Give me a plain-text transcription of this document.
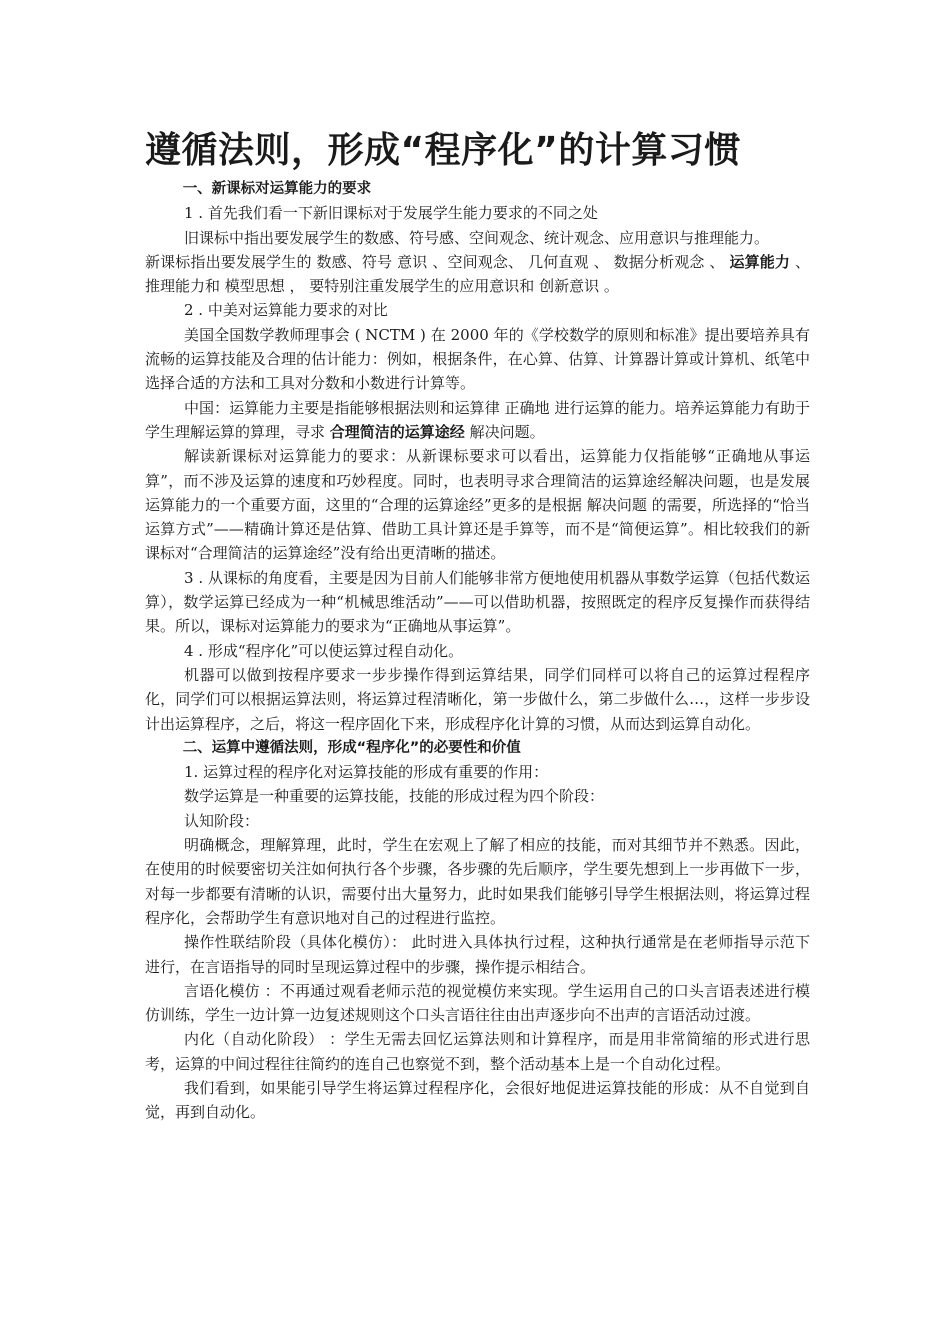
遵循法则，形成“程序化”的计算习惯
一、新课标对运算能力的要求

1 . 首先我们看一下新旧课标对于发展学生能力要求的不同之处

旧课标中指出要发展学生的数感、符号感、空间观念、统计观念、应用意识与推理能力。

新课标指出要发展学生的 数感、符号 意识 、空间观念、 几何直观 、 数据分析观念 、 运算能力 、推理能力和 模型思想 ， 要特别注重发展学生的应用意识和 创新意识 。

2 . 中美对运算能力要求的对比

美国全国数学教师理事会 ( NCTM ) 在 2000 年的《学校数学的原则和标准》提出要培养具有流畅的运算技能及合理的估计能力：例如，根据条件，在心算、估算、计算器计算或计算机、纸笔中选择合适的方法和工具对分数和小数进行计算等。

中国：运算能力主要是指能够根据法则和运算律 正确地 进行运算的能力。培养运算能力有助于学生理解运算的算理，寻求 合理简洁的运算途经 解决问题。

解读新课标对运算能力的要求：从新课标要求可以看出，运算能力仅指能够“正确地从事运算”，而不涉及运算的速度和巧妙程度。同时，也表明寻求合理简洁的运算途经解决问题，也是发展运算能力的一个重要方面，这里的“合理的运算途经”更多的是根据 解决问题 的需要，所选择的“恰当运算方式”——精确计算还是估算、借助工具计算还是手算等，而不是“简便运算”。相比较我们的新课标对“合理简洁的运算途经”没有给出更清晰的描述。

3 . 从课标的角度看，主要是因为目前人们能够非常方便地使用机器从事数学运算（包括代数运算），数学运算已经成为一种“机械思维活动”——可以借助机器，按照既定的程序反复操作而获得结果。所以，课标对运算能力的要求为“正确地从事运算”。

4 . 形成“程序化”可以使运算过程自动化。

机器可以做到按程序要求一步步操作得到运算结果，同学们同样可以将自己的运算过程程序化，同学们可以根据运算法则，将运算过程清晰化，第一步做什么，第二步做什么…，这样一步步设计出运算程序，之后，将这一程序固化下来，形成程序化计算的习惯，从而达到运算自动化。

二、运算中遵循法则，形成“程序化”的必要性和价值

1. 运算过程的程序化对运算技能的形成有重要的作用：

数学运算是一种重要的运算技能，技能的形成过程为四个阶段：

认知阶段：

明确概念，理解算理，此时，学生在宏观上了解了相应的技能，而对其细节并不熟悉。因此，在使用的时候要密切关注如何执行各个步骤，各步骤的先后顺序，学生要先想到上一步再做下一步，对每一步都要有清晰的认识，需要付出大量努力，此时如果我们能够引导学生根据法则，将运算过程程序化，会帮助学生有意识地对自己的过程进行监控。

操作性联结阶段（具体化模仿）： 此时进入具体执行过程，这种执行通常是在老师指导示范下进行，在言语指导的同时呈现运算过程中的步骤，操作提示相结合。

言语化模仿 ：不再通过观看老师示范的视觉模仿来实现。学生运用自己的口头言语表述进行模仿训练，学生一边计算一边复述规则这个口头言语往往由出声逐步向不出声的言语活动过渡。

内化（自动化阶段） ：学生无需去回忆运算法则和计算程序，而是用非常简缩的形式进行思考，运算的中间过程往往简约的连自己也察觉不到，整个活动基本上是一个自动化过程。

我们看到，如果能引导学生将运算过程程序化，会很好地促进运算技能的形成：从不自觉到自觉，再到自动化。
